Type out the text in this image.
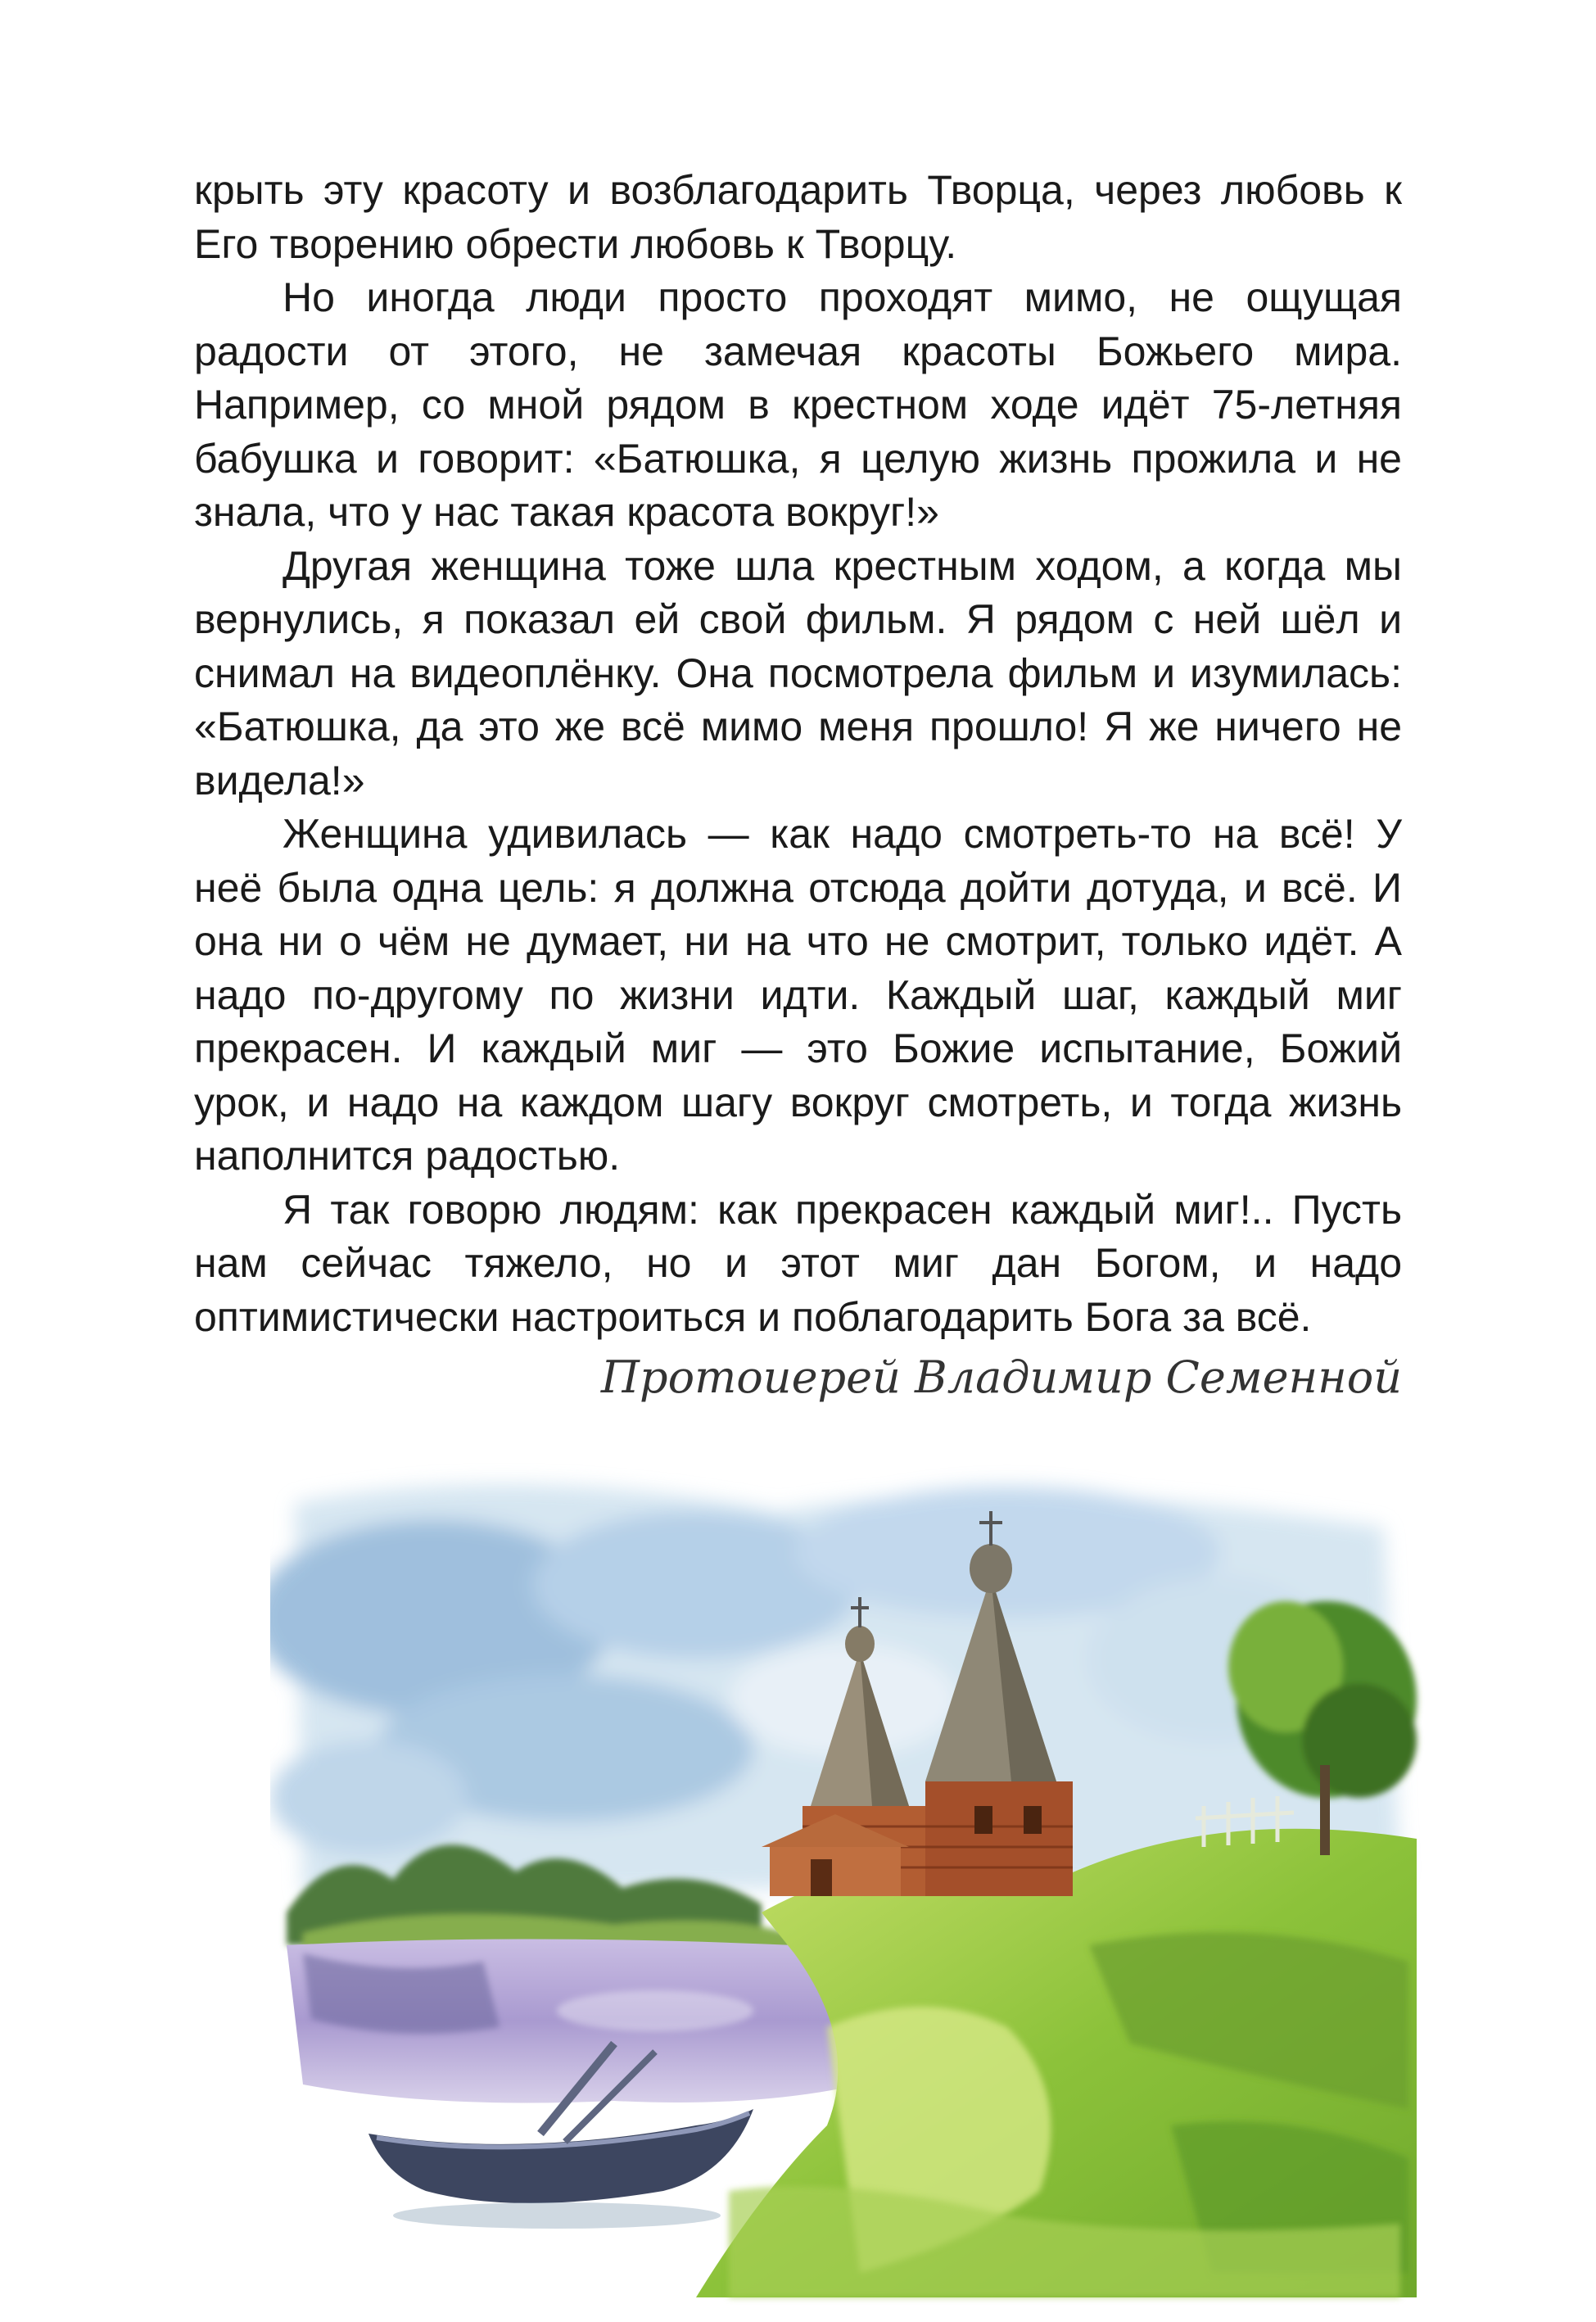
крыть эту красоту и возблагодарить Творца, через любовь к Его творению обрести любовь к Творцу.

Но иногда люди просто проходят мимо, не ощущая радости от этого, не замечая красоты Божьего мира. Например, со мной рядом в крестном ходе идёт 75-летняя бабушка и говорит: «Батюшка, я целую жизнь прожила и не знала, что у нас такая красота вокруг!»

Другая женщина тоже шла крестным ходом, а когда мы вернулись, я показал ей свой фильм. Я рядом с ней шёл и снимал на видеоплёнку. Она посмотрела фильм и изумилась: «Батюшка, да это же всё мимо меня прошло! Я же ничего не видела!»

Женщина удивилась — как надо смотреть-то на всё! У неё была одна цель: я должна отсюда дойти дотуда, и всё. И она ни о чём не думает, ни на что не смотрит, только идёт. А надо по-другому по жизни идти. Каждый шаг, каждый миг прекрасен. И каждый миг — это Божие испытание, Божий урок, и надо на каждом шагу вокруг смотреть, и тогда жизнь наполнится радостью.

Я так говорю людям: как прекрасен каждый миг!.. Пусть нам сейчас тяжело, но и этот миг дан Богом, и надо оптимистически настроиться и поблагодарить Бога за всё.

Протоиерей Владимир Семенной
